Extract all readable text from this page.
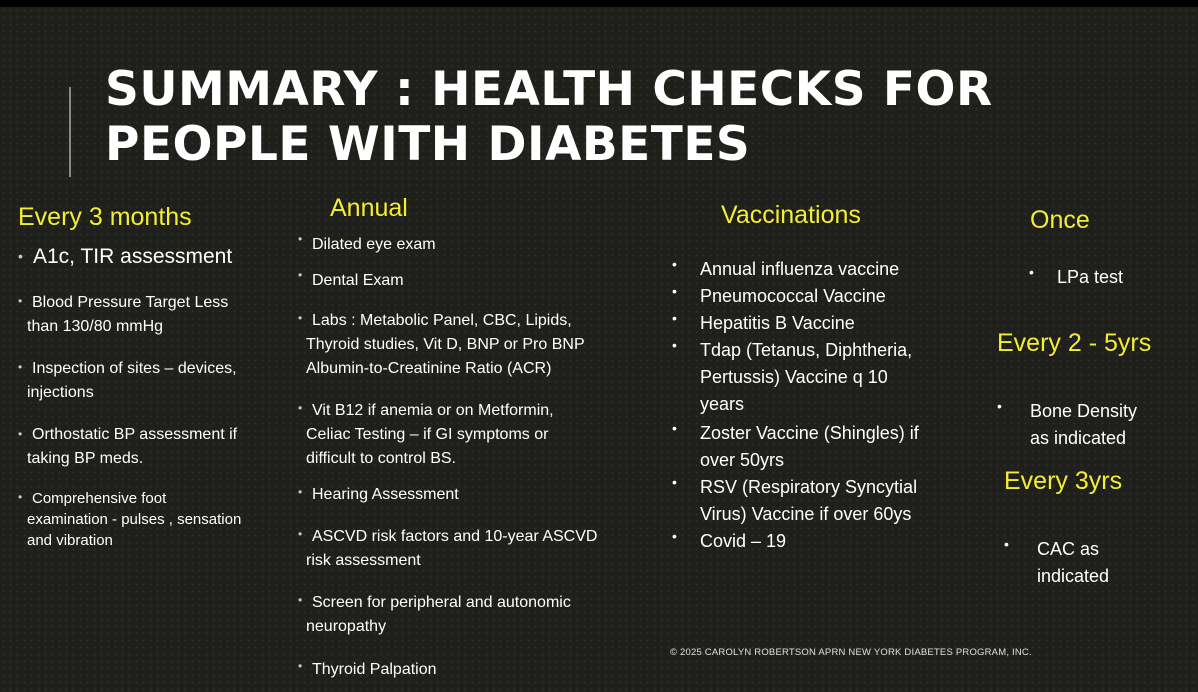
SUMMARY : HEALTH CHECKS FOR
PEOPLE WITH DIABETES
Every 3 months	Annual	Vaccinations	Once
Every 2 - 5yrs
Every 3yrs
• A1c, TIR assessment
• Blood Pressure Target Less
than 130/80 mmHg
• Inspection of sites – devices,
injections
• Orthostatic BP assessment if
taking BP meds.
• Comprehensive foot
examination - pulses , sensation
and vibration
• Dilated eye exam
• Dental Exam
• Labs : Metabolic Panel, CBC, Lipids,
Thyroid studies, Vit D, BNP or Pro BNP
Albumin-to-Creatinine Ratio (ACR)
• Vit B12 if anemia or on Metformin,
Celiac Testing – if GI symptoms or
difficult to control BS.
• Hearing Assessment
• ASCVD risk factors and 10-year ASCVD
risk assessment
• Screen for peripheral and autonomic
neuropathy
• Thyroid Palpation
• Annual influenza vaccine
• Pneumococcal Vaccine
• Hepatitis B Vaccine
• Tdap (Tetanus, Diphtheria,
Pertussis) Vaccine q 10
years
• Zoster Vaccine (Shingles) if
over 50yrs
• RSV (Respiratory Syncytial
Virus) Vaccine if over 60ys
• Covid – 19
• LPa test
• Bone Density
as indicated
• CAC as
indicated
© 2025 CAROLYN ROBERTSON APRN NEW YORK DIABETES PROGRAM, INC.
